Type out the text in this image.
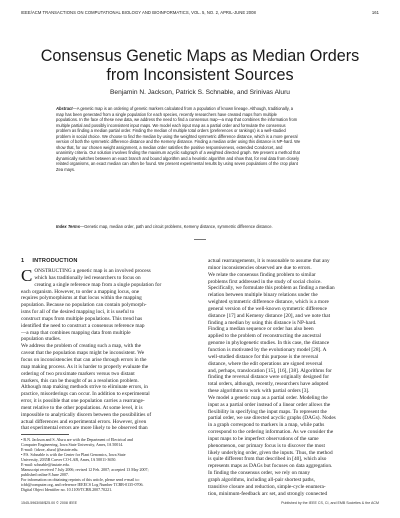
IEEE/ACM TRANSACTIONS ON COMPUTATIONAL BIOLOGY AND BIOINFORMATICS, VOL. 5, NO. 2, APRIL-JUNE 2008	161
Consensus Genetic Maps as Median Orders
from Inconsistent Sources
Benjamin N. Jackson, Patrick S. Schnable, and Srinivas Aluru
Abstract—A genetic map is an ordering of genetic markers calculated from a population of known lineage. Although, traditionally, a
map has been generated from a single population for each species, recently researchers have created maps from multiple
populations. In the face of these new data, we address the need to find a consensus map—a map that combines the information from
multiple partial and possibly inconsistent input maps. We model each input map as a partial order and formulate the consensus
problem as finding a median partial order. Finding the median of multiple total orders (preferences or rankings) is a well-studied
problem in social choice. We choose to find the median by using the weighted symmetric difference distance, which is a more general
version of both the symmetric difference distance and the Kemeny distance. Finding a median order using this distance is NP-hard. We
show that, for our chosen weight assignment, a median order satisfies the positive responsiveness, extended Condorcet, and
unanimity criteria. Our solution involves finding the maximum acyclic subgraph of a weighted directed graph. We present a method that
dynamically switches between an exact branch and bound algorithm and a heuristic algorithm and show that, for real data from closely
related organisms, an exact median can often be found. We present experimental results by using seven populations of the crop plant
Zea mays.
Index Terms—Genetic map, median order, path and circuit problems, Kemeny distance, symmetric difference distance.
1 INTRODUCTION
C ONSTRUCTING a genetic map is an involved process
which has traditionally led researchers to focus on
creating a single reference map from a single population for
each organism. However, to order a mapping locus, one
requires polymorphisms at that locus within the mapping
population. Because no population can contain polymorph-
isms for all of the desired mapping loci, it is useful to
construct maps from multiple populations. This trend has
identified the need to construct a consensus reference map
—a map that combines mapping data from multiple
population studies.
We address the problem of creating such a map, with the
caveat that the population maps might be inconsistent. We
focus on inconsistencies that can arise through errors in the
map making process. As it is harder to properly evaluate the
ordering of two proximate markers versus two distant
markers, this can be thought of as a resolution problem.
Although map making methods strive to eliminate errors, in
practice, misorderings can occur. In addition to experimental
error, it is possible that one population carries a rearrange-
ment relative to the other populations. At some level, it is
impossible to analytically discern between the possibilities of
actual differences and experimental errors. However, given
that experimental errors are more likely to be observed than
• B.N. Jackson and S. Aluru are with the Department of Electrical and
Computer Engineering, Iowa State University, Ames, IA 50014.
E-mail: {tdzoe, aluru}@iastate.edu.
• P.S. Schnable is with the Center for Plant Genomics, Iowa State
University, 2035B Carver CO-LAB, Ames, IA 50011-3650.
E-mail: schnable@iastate.edu.
Manuscript received 7 July 2006; revised 12 Feb. 2007; accepted 13 May 2007;
published online 8 June 2007.
For information on obtaining reprints of this article, please send e-mail to:
tcbb@computer.org, and reference IEEECS Log Number TCBB-0135-0706.
Digital Object Identifier no. 10.1109/TCBB.2007.70221.
actual rearrangements, it is reasonable to assume that any
minor inconsistencies observed are due to errors.
We relate the consensus finding problem to similar
problems first addressed in the study of social choice.
Specifically, we formulate this problem as finding a median
relation between multiple binary relations under the
weighted symmetric difference distance, which is a more
general version of the well-known symmetric difference
distance [17] and Kemeny distance [20], and we note that
finding a median by using this distance is NP-hard.
Finding a median sequence or order has also been
applied to the problem of reconstructing the ancestral
genome in phylogenetic studies. In this case, the distance
function is motivated by the evolutionary model [28]. A
well-studied distance for this purpose is the reversal
distance, where the edit operations are signed reversal
and, perhaps, translocation [15], [16], [38]. Algorithms for
finding the reversal distance were originally designed for
total orders, although, recently, researchers have adopted
these algorithms to work with partial orders [3].
We model a genetic map as a partial order. Modeling the
input as a partial order instead of a linear order allows the
flexibility in specifying the input maps. To represent the
partial order, we use directed acyclic graphs (DAGs). Nodes
in a graph correspond to markers in a map, while paths
correspond to the ordering information. As we consider the
input maps to be imperfect observations of the same
phenomenon, our primary focus is to discover the most
likely underlying order, given the inputs. Thus, the method
is quite different from that described in [40], which also
represents maps as DAGs but focuses on data aggregation.
In finding the consensus order, we rely on many
graph algorithms, including all-pair shortest paths,
transitive closure and reduction, simple-cycle enumera-
tion, minimum-feedback arc set, and strongly connected
1545-5963/08/$25.00 © 2008 IEEE	Published by the IEEE CS, CI, and EMB Societies & the ACM
